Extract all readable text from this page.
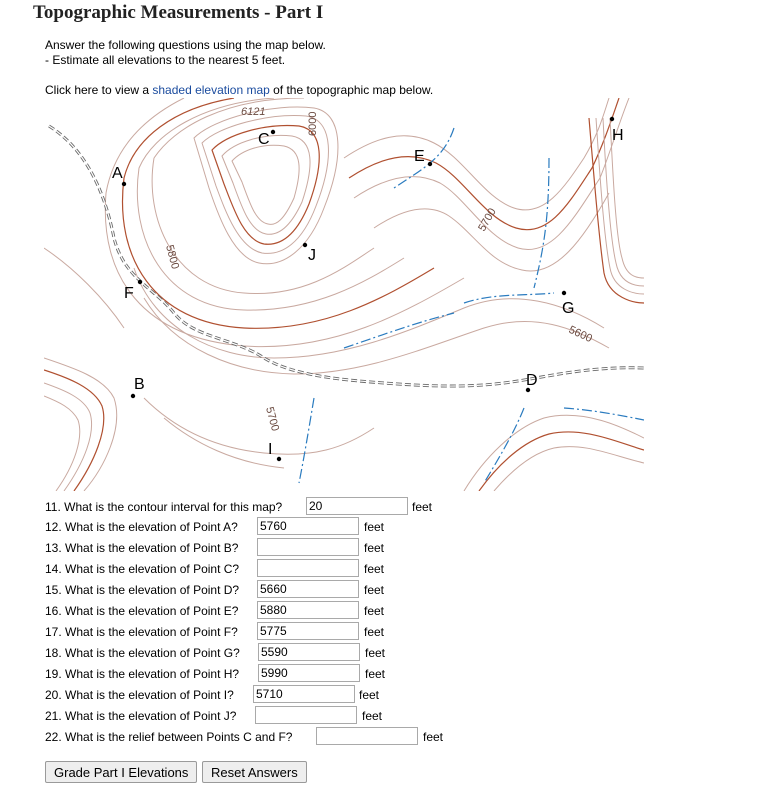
Topographic Measurements - Part I
Answer the following questions using the map below.
- Estimate all elevations to the nearest 5 feet.
Click here to view a shaded elevation map of the topographic map below.
A
B
C
D
E
F
G
H
I
J
6121	6000
5800
5700
5700
5600
11. What is the contour interval for this map?
20	feet
12. What is the elevation of Point A?
5760	feet
13. What is the elevation of Point B?	feet
14. What is the elevation of Point C?	feet
15. What is the elevation of Point D?
5660	feet
16. What is the elevation of Point E?
5880	feet
17. What is the elevation of Point F?
5775	feet
18. What is the elevation of Point G?
5590	feet
19. What is the elevation of Point H?
5990	feet
20. What is the elevation of Point I?
5710	feet
21. What is the elevation of Point J?	feet
22. What is the relief between Points C and F?	feet
Grade Part I Elevations	Reset Answers
